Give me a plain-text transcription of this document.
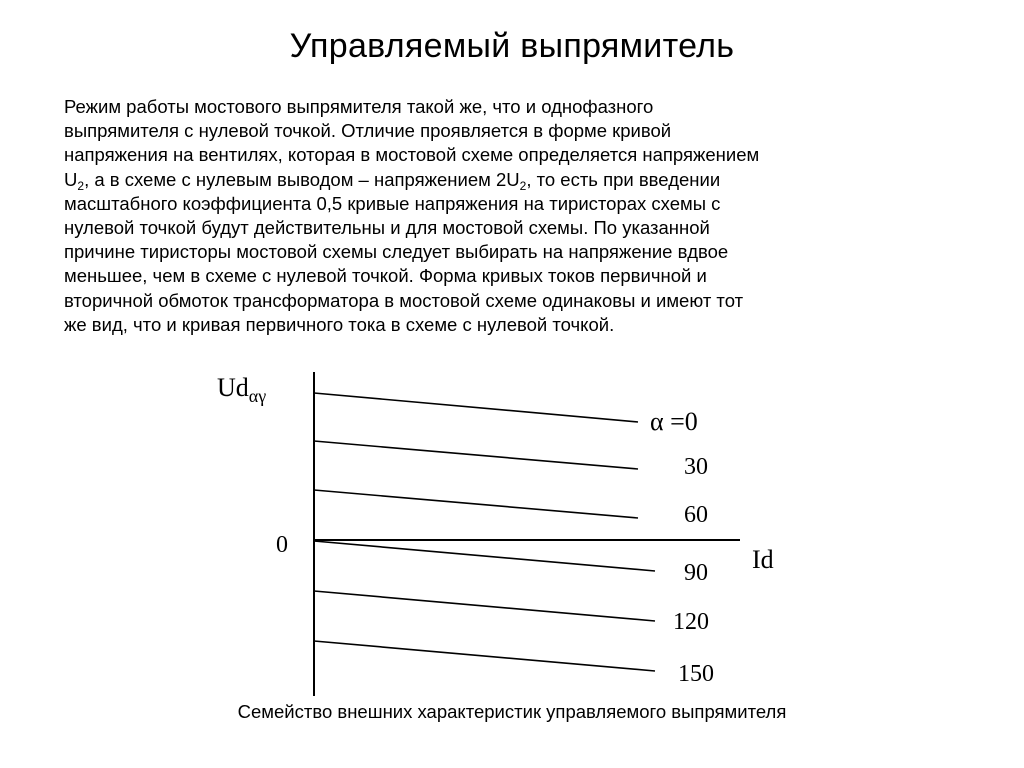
Управляемый выпрямитель
Режим работы мостового выпрямителя такой же, что и однофазного
выпрямителя с нулевой точкой. Отличие проявляется в форме кривой
напряжения на вентилях, которая в мостовой схеме определяется напряжением
$U_2$, а в схеме с нулевым выводом – напряжением $2U_2$, то есть при введении
масштабного коэффициента 0,5 кривые напряжения на тиристорах схемы с
нулевой точкой будут действительны и для мостовой схемы. По указанной
причине тиристоры мостовой схемы следует выбирать на напряжение вдвое
меньшее, чем в схеме с нулевой точкой. Форма кривых токов первичной и
вторичной обмоток трансформатора в мостовой схеме одинаковы и имеют тот
же вид, что и кривая первичного тока в схеме с нулевой точкой.
$Ud_{\alpha\gamma}$
0	Id
α =0
30
60
90
120
150
Семейство внешних характеристик управляемого выпрямителя
